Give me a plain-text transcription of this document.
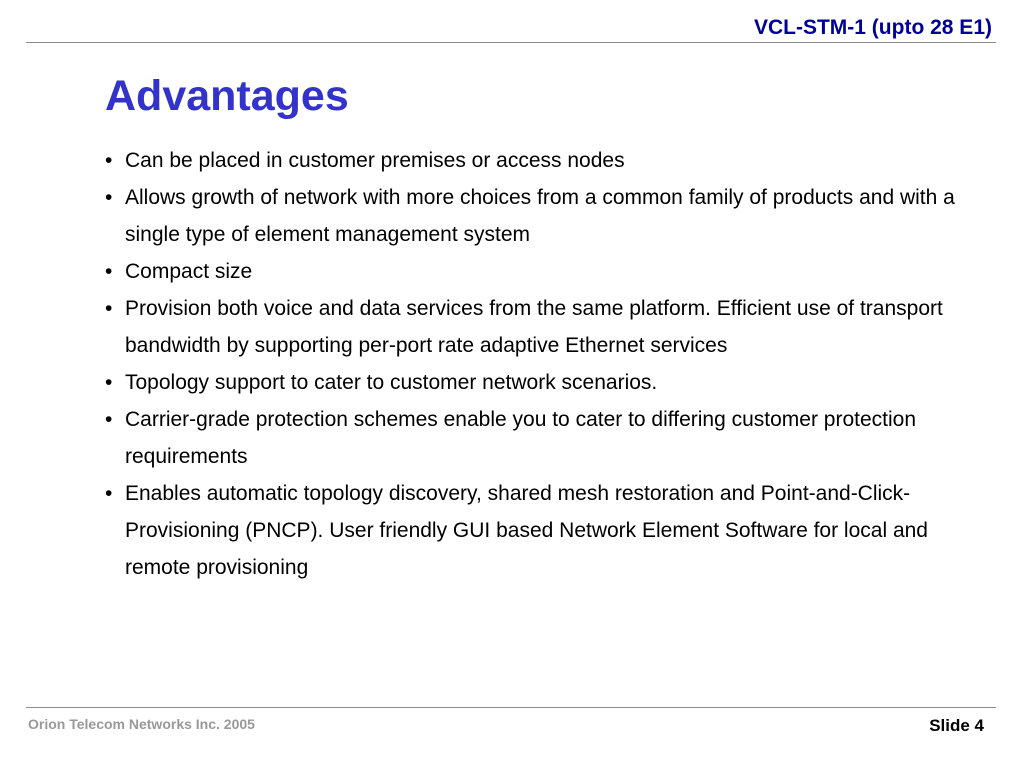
VCL-STM-1 (upto 28 E1)
Advantages
• Can be placed in customer premises or access nodes
• Allows growth of network with more choices from a common family of products and with a single type of element management system
• Compact size
• Provision both voice and data services from the same platform. Efficient use of transport bandwidth by supporting per-port rate adaptive Ethernet services
• Topology support to cater to customer network scenarios.
• Carrier-grade protection schemes enable you to cater to differing customer protection requirements
• Enables automatic topology discovery, shared mesh restoration and Point-and-Click- Provisioning (PNCP). User friendly GUI based Network Element Software for local and remote provisioning
Orion Telecom Networks Inc. 2005	Slide 4
